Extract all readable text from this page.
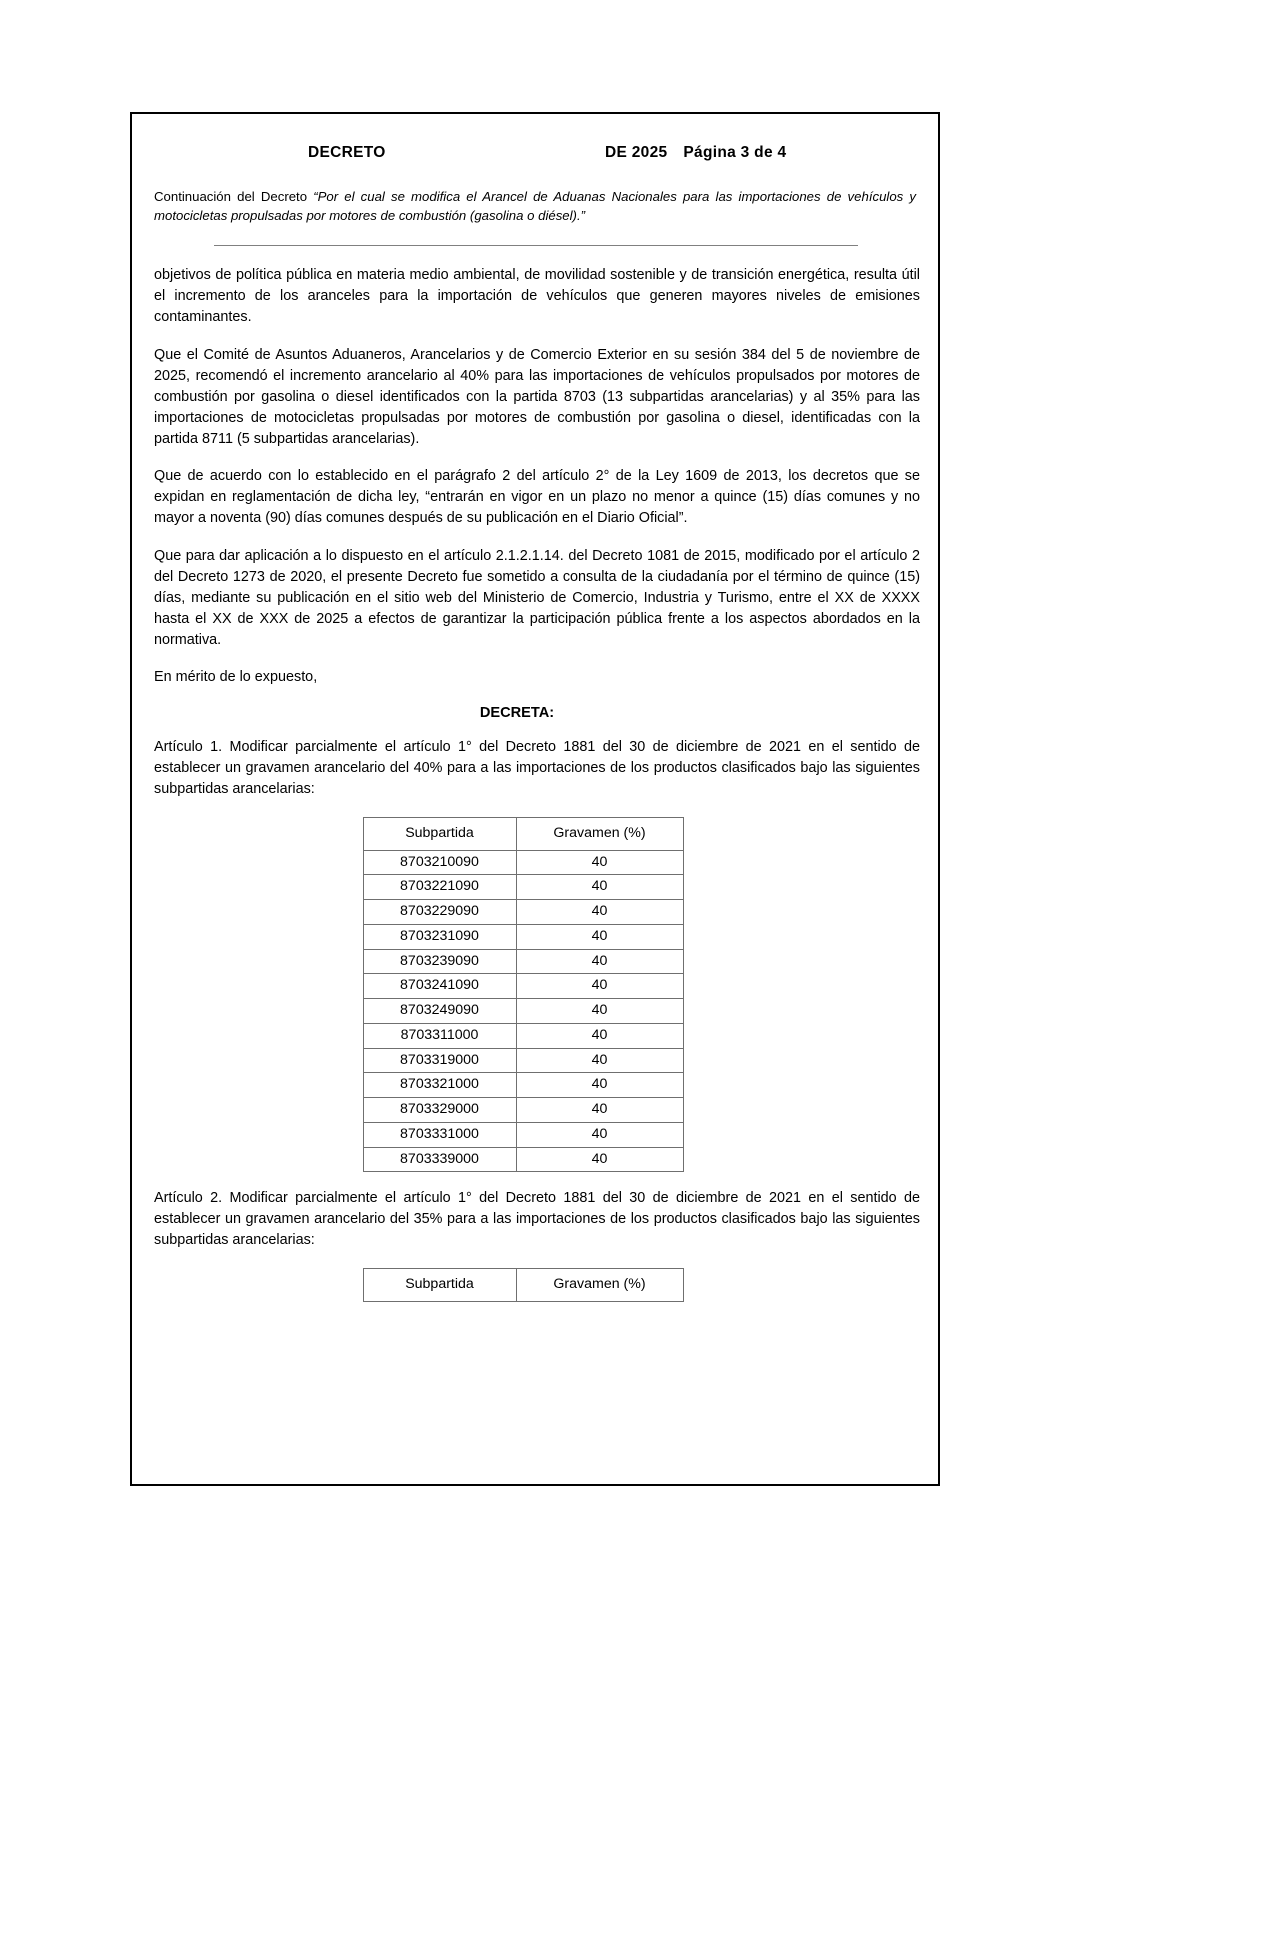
DECRETO	DE 2025 Página 3 de 4
Continuación del Decreto “Por el cual se modifica el Arancel de Aduanas Nacionales para las importaciones de vehículos y motocicletas propulsadas por motores de combustión (gasolina o diésel).”

objetivos de política pública en materia medio ambiental, de movilidad sostenible y de transición energética, resulta útil el incremento de los aranceles para la importación de vehículos que generen mayores niveles de emisiones contaminantes.

Que el Comité de Asuntos Aduaneros, Arancelarios y de Comercio Exterior en su sesión 384 del 5 de noviembre de 2025, recomendó el incremento arancelario al 40% para las importaciones de vehículos propulsados por motores de combustión por gasolina o diesel identificados con la partida 8703 (13 subpartidas arancelarias) y al 35% para las importaciones de motocicletas propulsadas por motores de combustión por gasolina o diesel, identificadas con la partida 8711 (5 subpartidas arancelarias).

Que de acuerdo con lo establecido en el parágrafo 2 del artículo 2° de la Ley 1609 de 2013, los decretos que se expidan en reglamentación de dicha ley, “entrarán en vigor en un plazo no menor a quince (15) días comunes y no mayor a noventa (90) días comunes después de su publicación en el Diario Oficial”.

Que para dar aplicación a lo dispuesto en el artículo 2.1.2.1.14. del Decreto 1081 de 2015, modificado por el artículo 2 del Decreto 1273 de 2020, el presente Decreto fue sometido a consulta de la ciudadanía por el término de quince (15) días, mediante su publicación en el sitio web del Ministerio de Comercio, Industria y Turismo, entre el XX de XXXX hasta el XX de XXX de 2025 a efectos de garantizar la participación pública frente a los aspectos abordados en la normativa.

En mérito de lo expuesto,

DECRETA:

Artículo 1. Modificar parcialmente el artículo 1° del Decreto 1881 del 30 de diciembre de 2021 en el sentido de establecer un gravamen arancelario del 40% para a las importaciones de los productos clasificados bajo las siguientes subpartidas arancelarias:

Subpartida	Gravamen (%)
8703210090	40
8703221090	40
8703229090	40
8703231090	40
8703239090	40
8703241090	40
8703249090	40
8703311000	40
8703319000	40
8703321000	40
8703329000	40
8703331000	40
8703339000	40

Artículo 2. Modificar parcialmente el artículo 1° del Decreto 1881 del 30 de diciembre de 2021 en el sentido de establecer un gravamen arancelario del 35% para a las importaciones de los productos clasificados bajo las siguientes subpartidas arancelarias:

Subpartida	Gravamen (%)
